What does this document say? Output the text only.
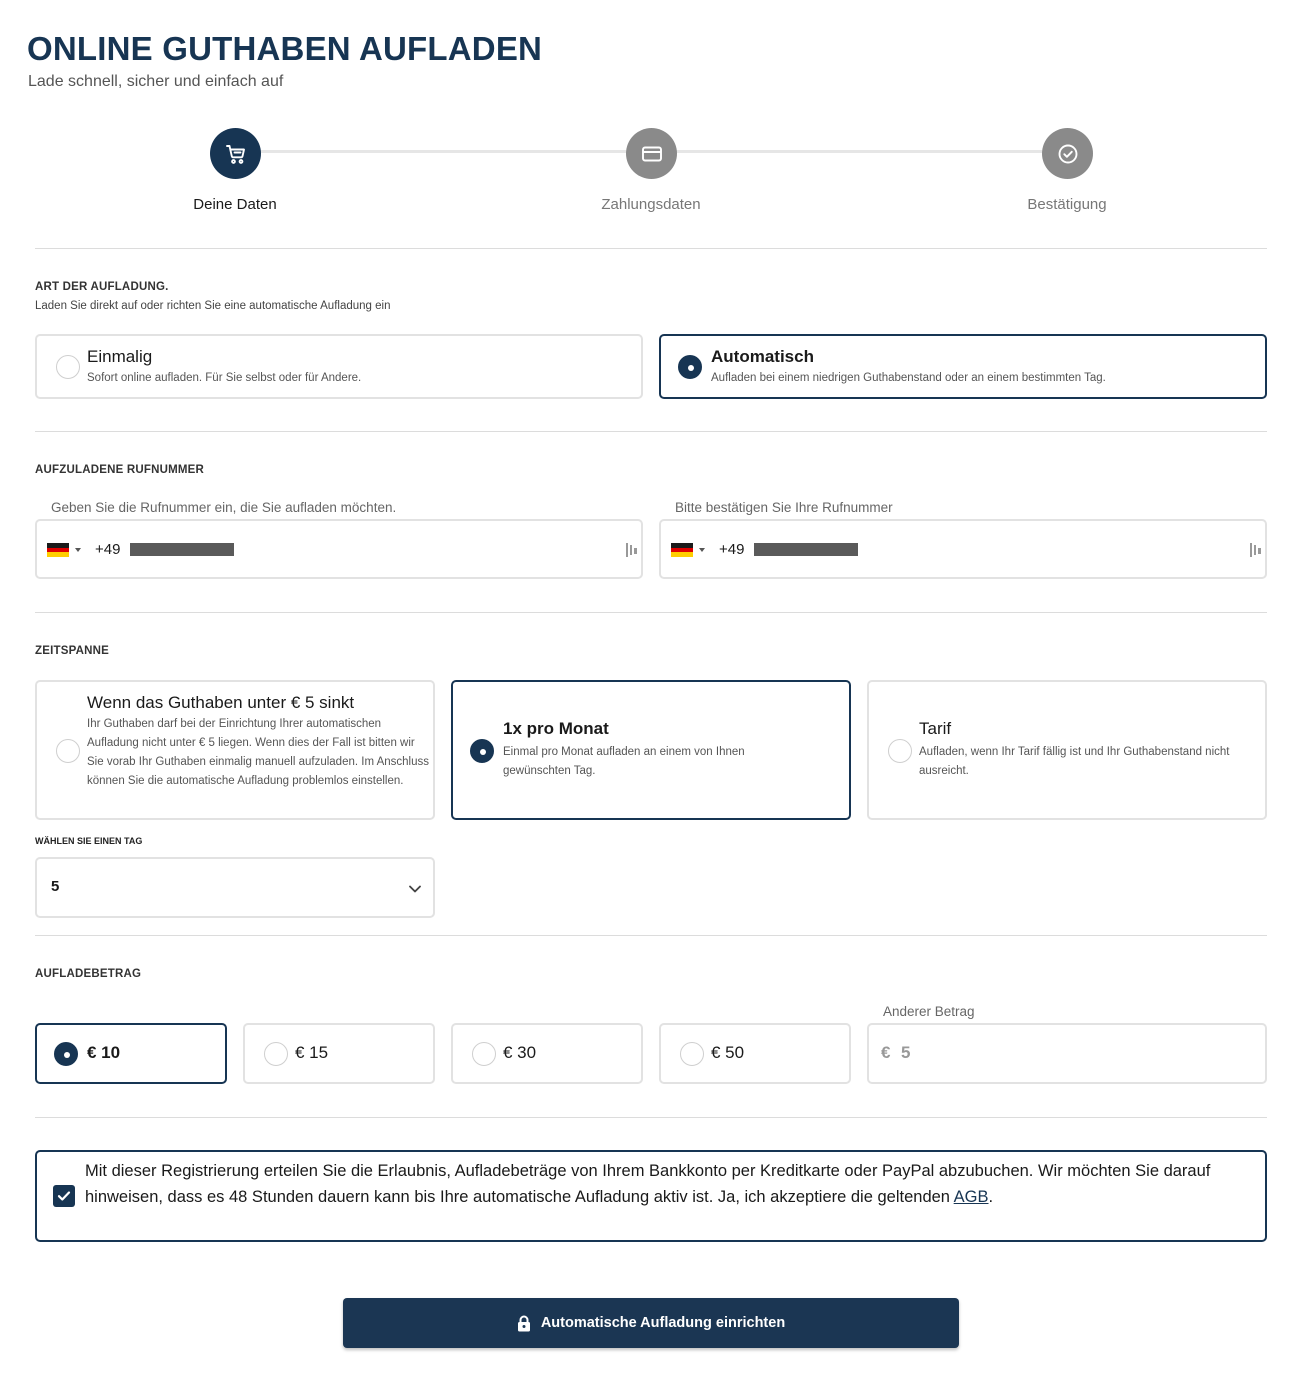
ONLINE GUTHABEN AUFLADEN
Lade schnell, sicher und einfach auf
Deine Daten	Zahlungsdaten	Bestätigung
ART DER AUFLADUNG.
Laden Sie direkt auf oder richten Sie eine automatische Aufladung ein
Einmalig
Sofort online aufladen. Für Sie selbst oder für Andere.
Automatisch
Aufladen bei einem niedrigen Guthabenstand oder an einem bestimmten Tag.
AUFZULADENE RUFNUMMER
Geben Sie die Rufnummer ein, die Sie aufladen möchten.
+49
Bitte bestätigen Sie Ihre Rufnummer
+49
ZEITSPANNE
Wenn das Guthaben unter € 5 sinkt
Ihr Guthaben darf bei der Einrichtung Ihrer automatischen Aufladung nicht unter € 5 liegen. Wenn dies der Fall ist bitten wir Sie vorab Ihr Guthaben einmalig manuell aufzuladen. Im Anschluss können Sie die automatische Aufladung problemlos einstellen.
1x pro Monat
Einmal pro Monat aufladen an einem von Ihnen gewünschten Tag.
Tarif
Aufladen, wenn Ihr Tarif fällig ist und Ihr Guthabenstand nicht ausreicht.
WÄHLEN SIE EINEN TAG
5
AUFLADEBETRAG
€ 10	€ 15	€ 30	€ 50
Anderer Betrag
€ 5
Mit dieser Registrierung erteilen Sie die Erlaubnis, Aufladebeträge von Ihrem Bankkonto per Kreditkarte oder PayPal abzubuchen. Wir möchten Sie darauf hinweisen, dass es 48 Stunden dauern kann bis Ihre automatische Aufladung aktiv ist. Ja, ich akzeptiere die geltenden AGB.
Automatische Aufladung einrichten
